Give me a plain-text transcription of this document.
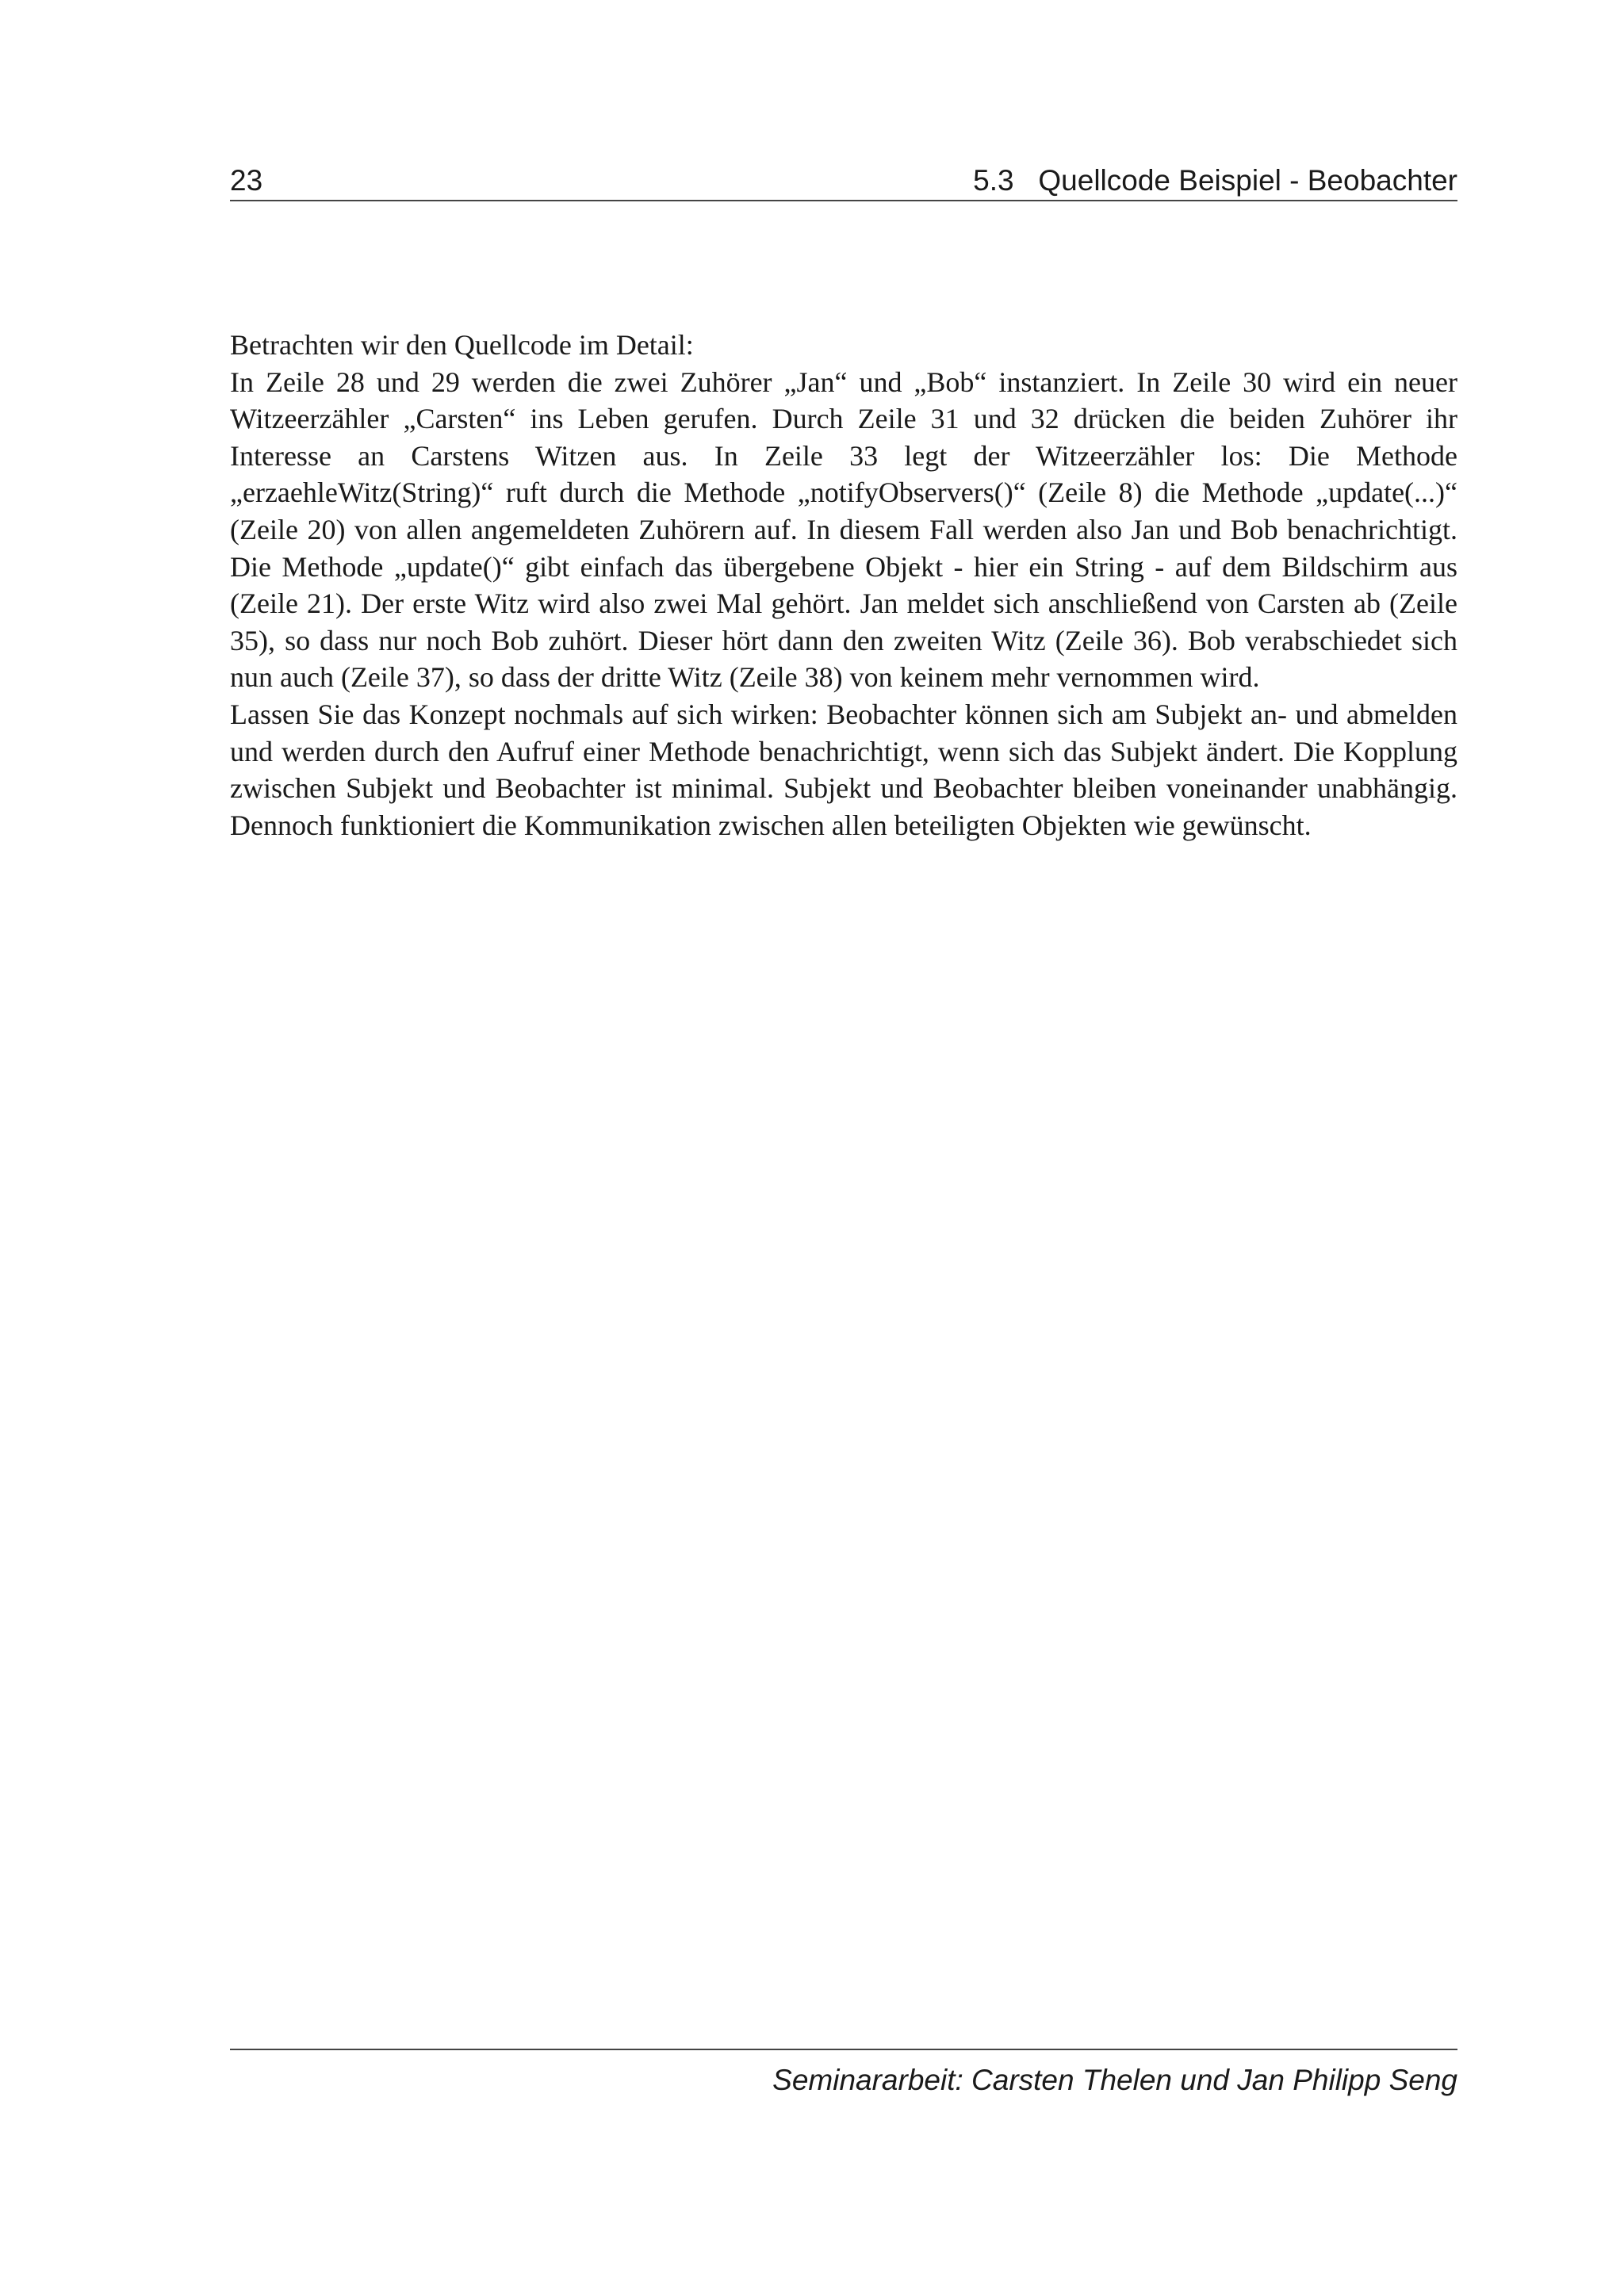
23	5.3 Quellcode Beispiel - Beobachter

Betrachten wir den Quellcode im Detail:

In Zeile 28 und 29 werden die zwei Zuhörer „Jan“ und „Bob“ instanziert. In Zeile 30 wird ein neuer Witzeerzähler „Carsten“ ins Leben gerufen. Durch Zeile 31 und 32 drücken die beiden Zuhörer ihr Interesse an Carstens Witzen aus. In Zeile 33 legt der Witzeerzähler los: Die Methode „erzaehleWitz(String)“ ruft durch die Methode „notifyObservers()“ (Zeile 8) die Methode „update(...)“ (Zeile 20) von allen angemeldeten Zuhörern auf. In diesem Fall werden also Jan und Bob benachrichtigt. Die Methode „update()“ gibt einfach das übergebene Objekt - hier ein String - auf dem Bildschirm aus (Zeile 21). Der erste Witz wird also zwei Mal gehört. Jan meldet sich anschließend von Carsten ab (Zeile 35), so dass nur noch Bob zuhört. Dieser hört dann den zweiten Witz (Zeile 36). Bob verabschiedet sich nun auch (Zeile 37), so dass der dritte Witz (Zeile 38) von keinem mehr vernommen wird.

Lassen Sie das Konzept nochmals auf sich wirken: Beobachter können sich am Subjekt an- und abmelden und werden durch den Aufruf einer Methode benachrichtigt, wenn sich das Subjekt ändert. Die Kopplung zwischen Subjekt und Beobachter ist minimal. Subjekt und Beobachter bleiben voneinander unabhängig. Dennoch funktioniert die Kommunikation zwischen allen beteiligten Objekten wie gewünscht.

Seminararbeit: Carsten Thelen und Jan Philipp Seng
